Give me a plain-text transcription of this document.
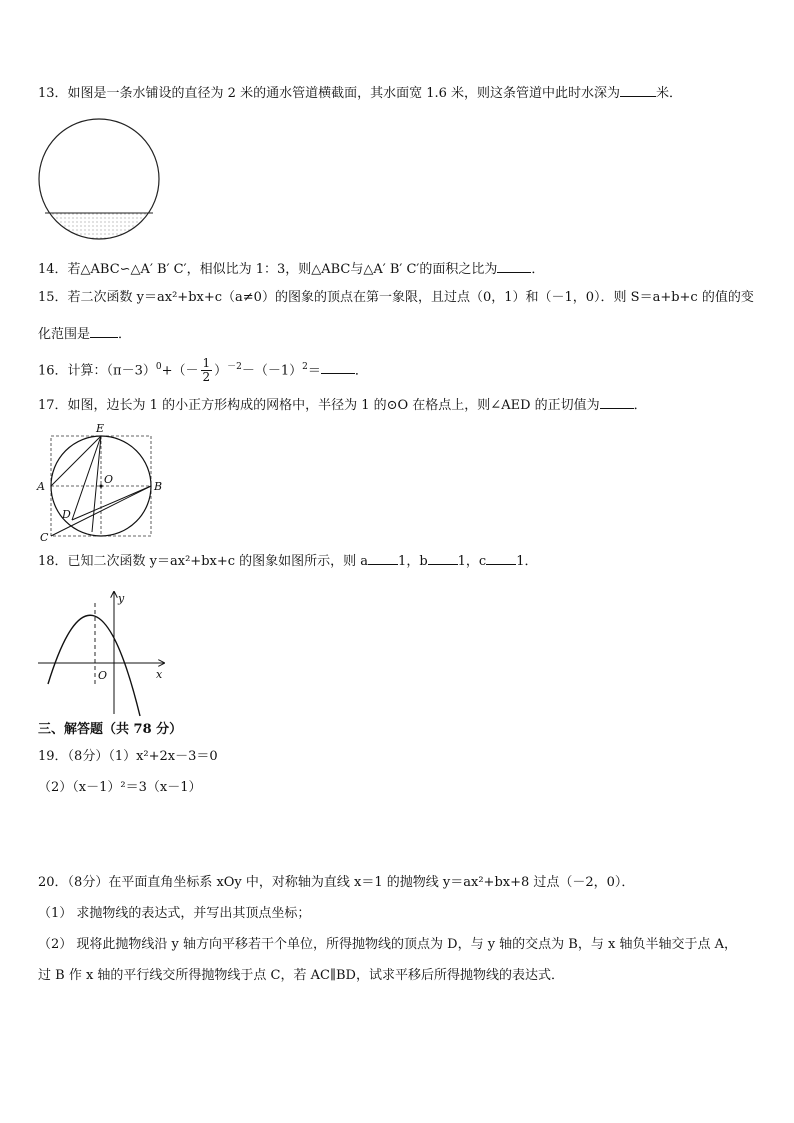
13．如图是一条水铺设的直径为 2 米的通水管道横截面，其水面宽 1.6 米，则这条管道中此时水深为	米．
14．若△ABC∽△A′ B′ C′，相似比为 1：3，则△ABC与△A′ B′ C′的面积之比为	．
15．若二次函数 y＝ax²+bx+c（a≠0）的图象的顶点在第一象限，且过点（0，1）和（－1，0）．则 S＝a+b+c 的值的变
化范围是 ．
16．计算：$(\pi-3)^0+(- \frac{1}{2} )^{-2}-(-1)^2=$	．
17．如图，边长为 1 的小正方形构成的网格中，半径为 1 的⊙O 在格点上，则∠AED 的正切值为	．
E
A
O
B
D
C
18．已知二次函数 y＝ax²+bx+c 的图象如图所示，则 a 1，b 1，c 1．
y
x
O
三、解答题（共 78 分）
19．（8分）（1）x²+2x－3＝0
（2）（x－1）²＝3（x－1）
20．（8分）在平面直角坐标系 xOy 中，对称轴为直线 x＝1 的抛物线 y＝ax²+bx+8 过点（－2，0）．
（1） 求抛物线的表达式，并写出其顶点坐标；
（2） 现将此抛物线沿 y 轴方向平移若干个单位，所得抛物线的顶点为 D，与 y 轴的交点为 B，与 x 轴负半轴交于点 A，
过 B 作 x 轴的平行线交所得抛物线于点 C，若 AC∥BD，试求平移后所得抛物线的表达式．
